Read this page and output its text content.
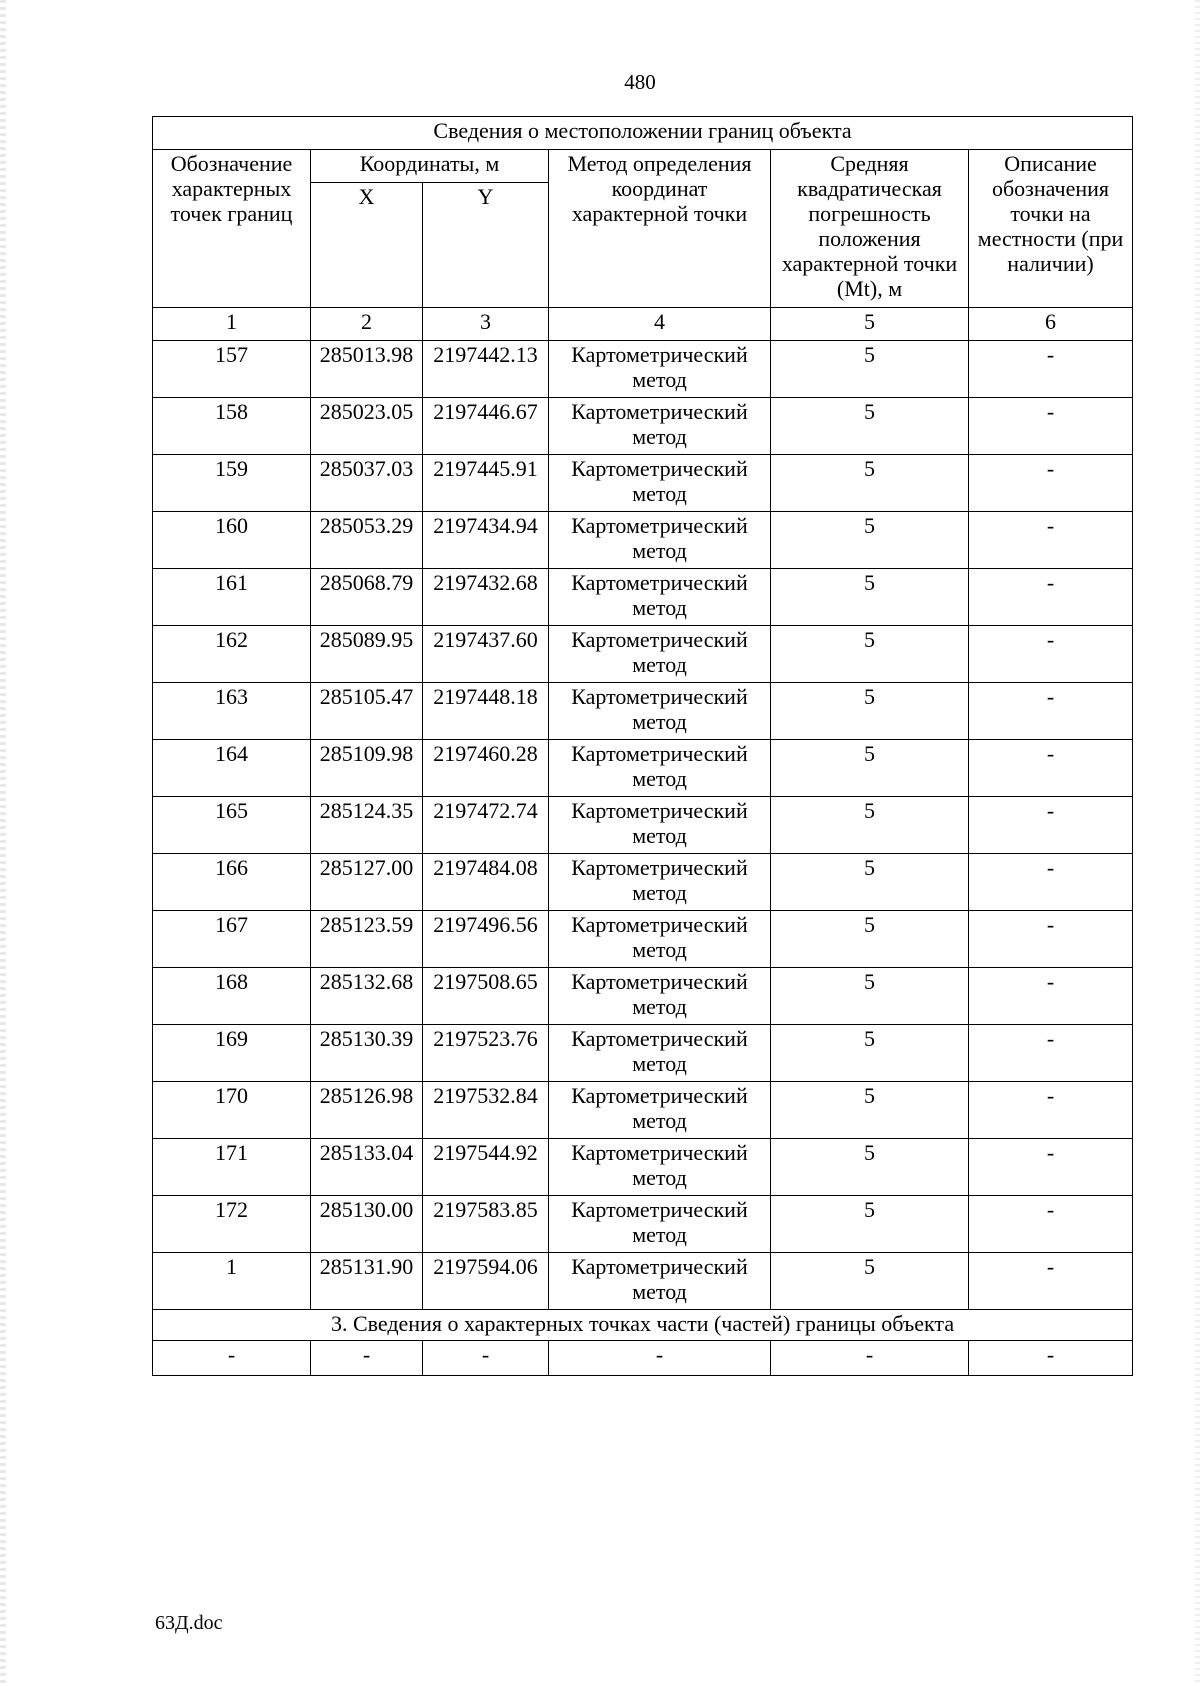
480
Сведения о местоположении границ объекта					
Обозначение характерных точек границ	Координаты, м		Метод определения координат характерной точки	Средняя квадратическая погрешность положения характерной точки (Mt), м	Описание обозначения точки на местности (при наличии)
	X	Y			
1	2	3	4	5	6
157	285013.98	2197442.13	Картометрический метод	5	-
158	285023.05	2197446.67	Картометрический метод	5	-
159	285037.03	2197445.91	Картометрический метод	5	-
160	285053.29	2197434.94	Картометрический метод	5	-
161	285068.79	2197432.68	Картометрический метод	5	-
162	285089.95	2197437.60	Картометрический метод	5	-
163	285105.47	2197448.18	Картометрический метод	5	-
164	285109.98	2197460.28	Картометрический метод	5	-
165	285124.35	2197472.74	Картометрический метод	5	-
166	285127.00	2197484.08	Картометрический метод	5	-
167	285123.59	2197496.56	Картометрический метод	5	-
168	285132.68	2197508.65	Картометрический метод	5	-
169	285130.39	2197523.76	Картометрический метод	5	-
170	285126.98	2197532.84	Картометрический метод	5	-
171	285133.04	2197544.92	Картометрический метод	5	-
172	285130.00	2197583.85	Картометрический метод	5	-
1	285131.90	2197594.06	Картометрический метод	5	-
3. Сведения о характерных точках части (частей) границы объекта					
-	-	-	-	-	-
63Д.doc
